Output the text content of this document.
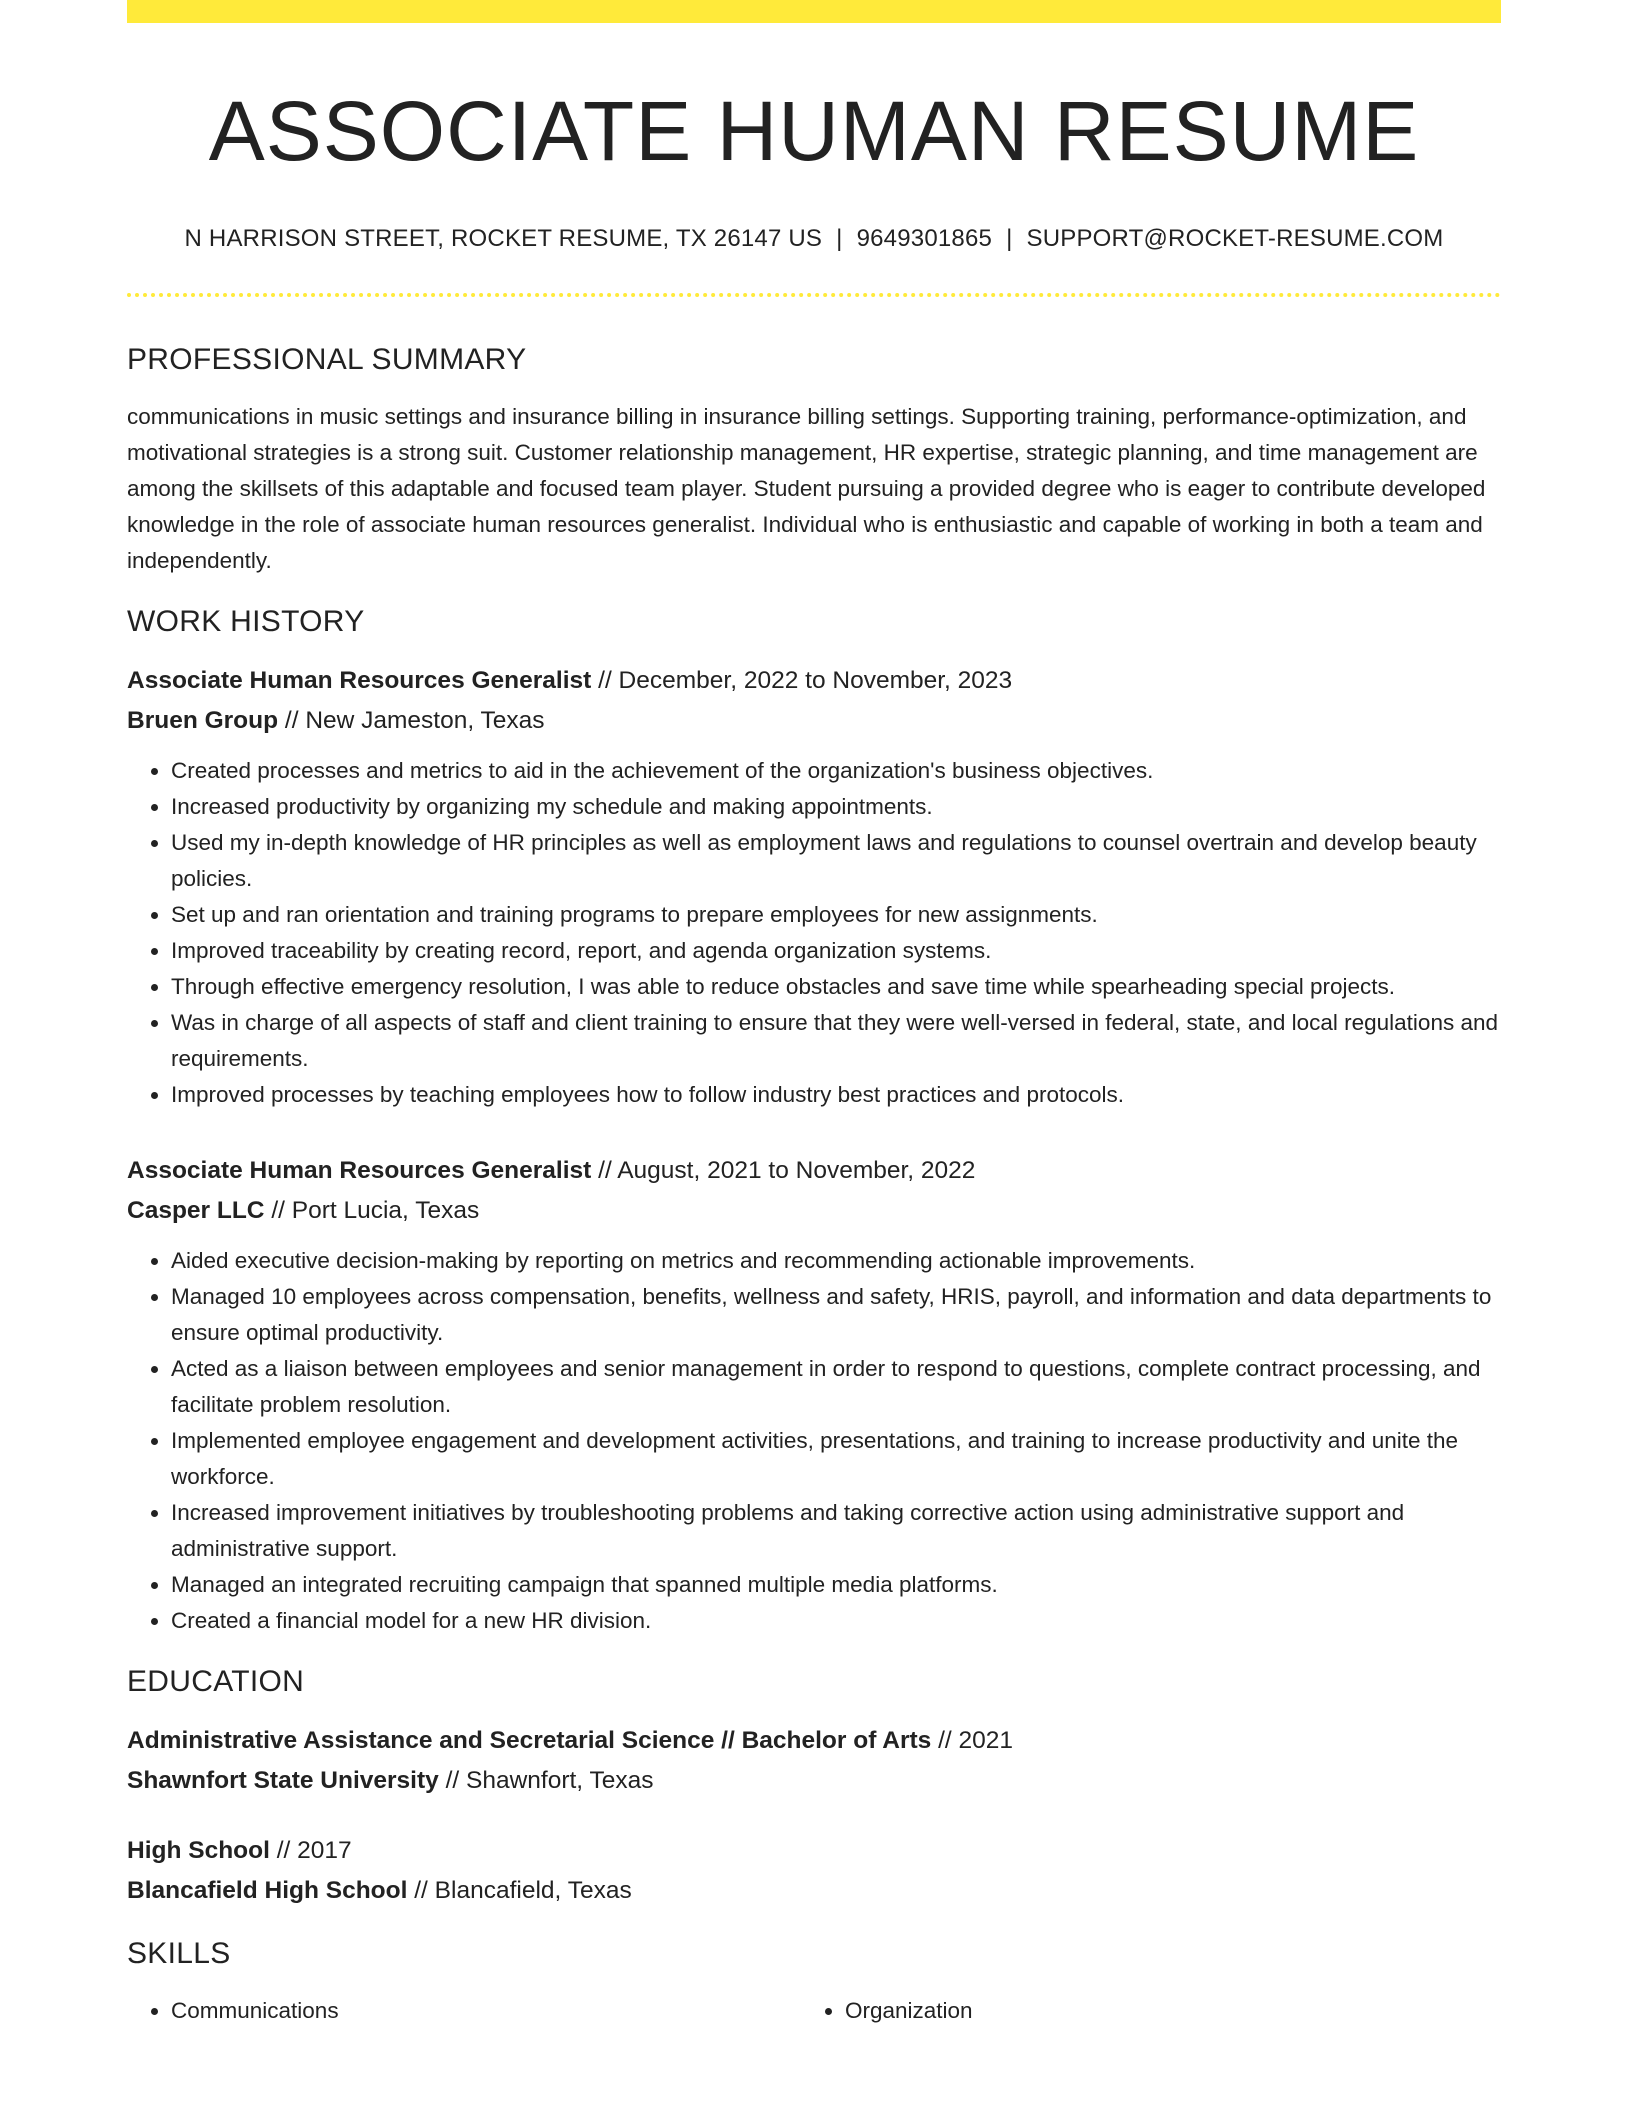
ASSOCIATE HUMAN RESUME
N HARRISON STREET, ROCKET RESUME, TX 26147 US | 9649301865 | SUPPORT@ROCKET-RESUME.COM
PROFESSIONAL SUMMARY
communications in music settings and insurance billing in insurance billing settings. Supporting training, performance-optimization, and motivational strategies is a strong suit. Customer relationship management, HR expertise, strategic planning, and time management are among the skillsets of this adaptable and focused team player. Student pursuing a provided degree who is eager to contribute developed knowledge in the role of associate human resources generalist. Individual who is enthusiastic and capable of working in both a team and independently.
WORK HISTORY
Associate Human Resources Generalist // December, 2022 to November, 2023
Bruen Group // New Jameston, Texas
• Created processes and metrics to aid in the achievement of the organization's business objectives.
• Increased productivity by organizing my schedule and making appointments.
• Used my in-depth knowledge of HR principles as well as employment laws and regulations to counsel overtrain and develop beauty policies.
• Set up and ran orientation and training programs to prepare employees for new assignments.
• Improved traceability by creating record, report, and agenda organization systems.
• Through effective emergency resolution, I was able to reduce obstacles and save time while spearheading special projects.
• Was in charge of all aspects of staff and client training to ensure that they were well-versed in federal, state, and local regulations and requirements.
• Improved processes by teaching employees how to follow industry best practices and protocols.
Associate Human Resources Generalist // August, 2021 to November, 2022
Casper LLC // Port Lucia, Texas
• Aided executive decision-making by reporting on metrics and recommending actionable improvements.
• Managed 10 employees across compensation, benefits, wellness and safety, HRIS, payroll, and information and data departments to ensure optimal productivity.
• Acted as a liaison between employees and senior management in order to respond to questions, complete contract processing, and facilitate problem resolution.
• Implemented employee engagement and development activities, presentations, and training to increase productivity and unite the workforce.
• Increased improvement initiatives by troubleshooting problems and taking corrective action using administrative support and administrative support.
• Managed an integrated recruiting campaign that spanned multiple media platforms.
• Created a financial model for a new HR division.
EDUCATION
Administrative Assistance and Secretarial Science // Bachelor of Arts // 2021
Shawnfort State University // Shawnfort, Texas
High School // 2017
Blancafield High School // Blancafield, Texas
SKILLS
• Communications
•	Organization
